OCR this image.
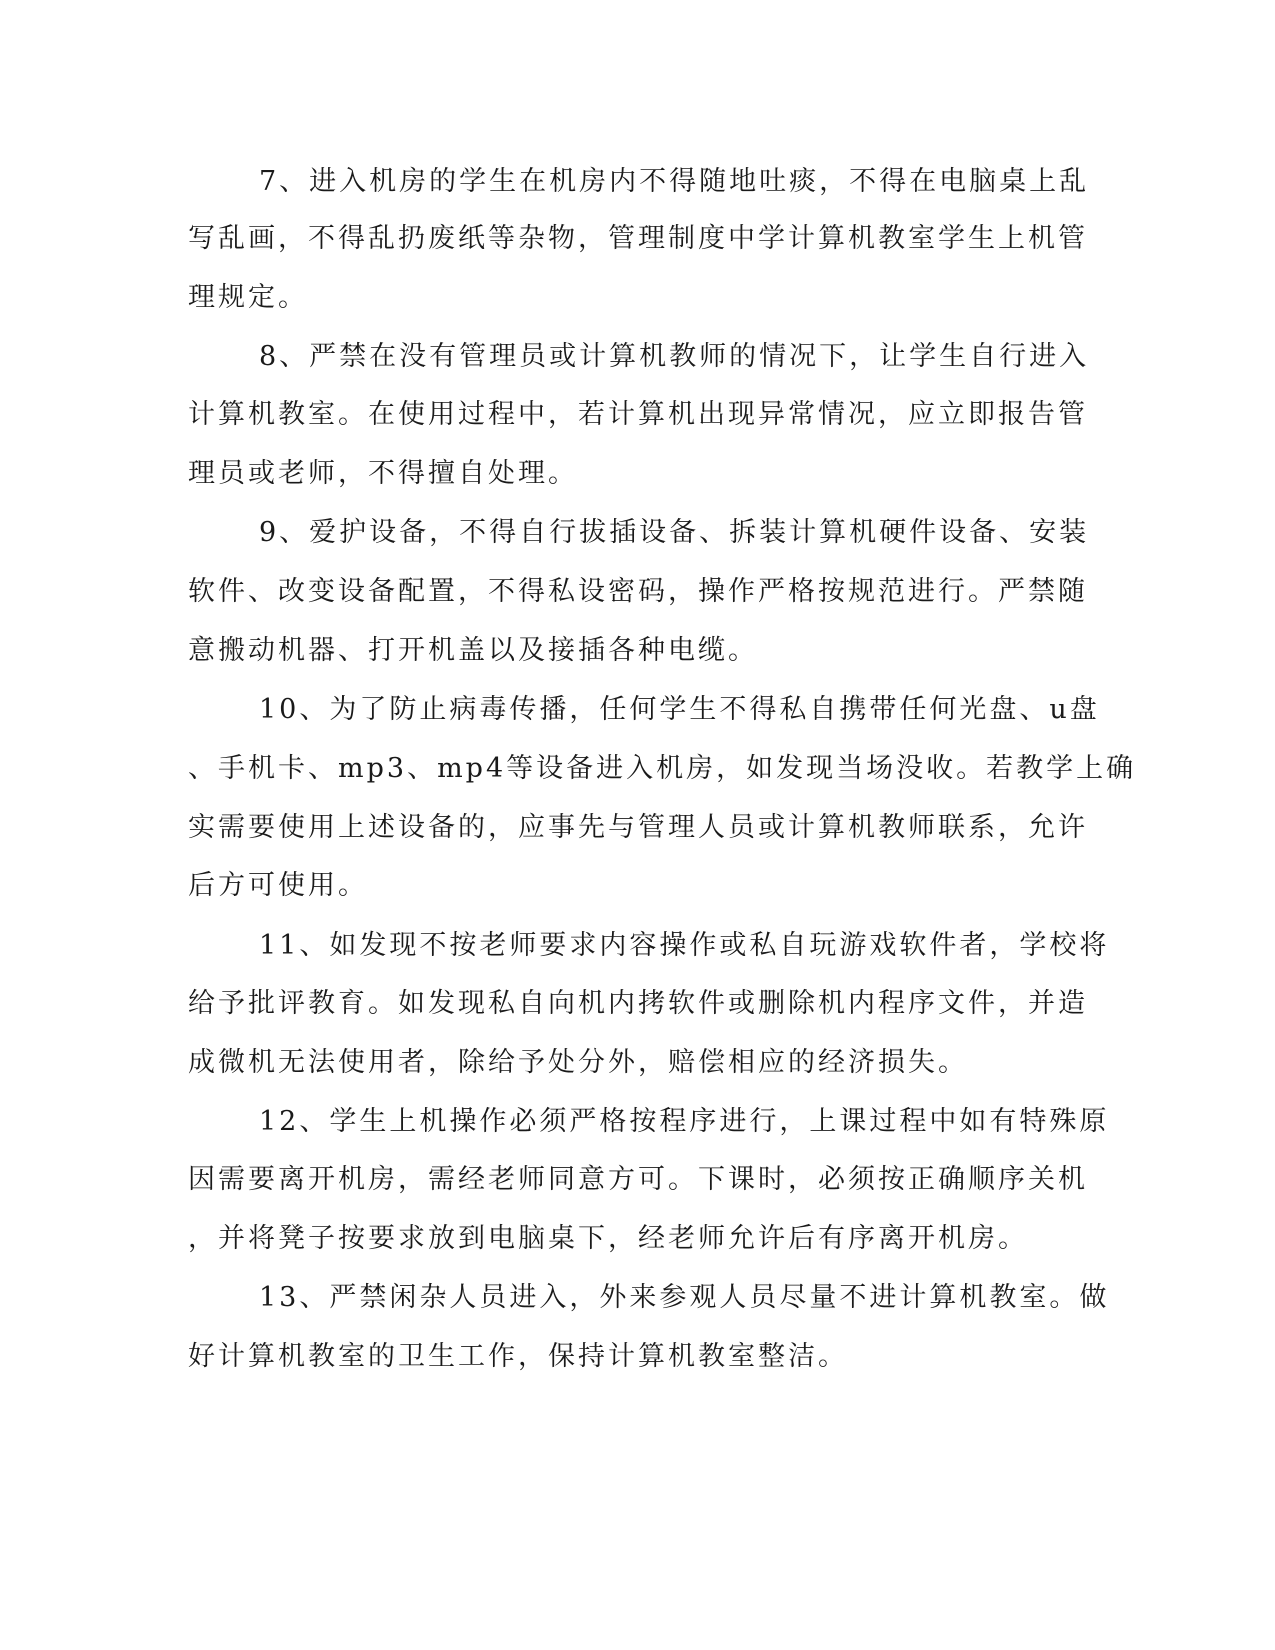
7、进入机房的学生在机房内不得随地吐痰，不得在电脑桌上乱
写乱画，不得乱扔废纸等杂物，管理制度中学计算机教室学生上机管
理规定。
8、严禁在没有管理员或计算机教师的情况下，让学生自行进入
计算机教室。在使用过程中，若计算机出现异常情况，应立即报告管
理员或老师，不得擅自处理。
9、爱护设备，不得自行拔插设备、拆装计算机硬件设备、安装
软件、改变设备配置，不得私设密码，操作严格按规范进行。严禁随
意搬动机器、打开机盖以及接插各种电缆。
10、为了防止病毒传播，任何学生不得私自携带任何光盘、u盘
、手机卡、mp3、mp4等设备进入机房，如发现当场没收。若教学上确
实需要使用上述设备的，应事先与管理人员或计算机教师联系，允许
后方可使用。
11、如发现不按老师要求内容操作或私自玩游戏软件者，学校将
给予批评教育。如发现私自向机内拷软件或删除机内程序文件，并造
成微机无法使用者，除给予处分外，赔偿相应的经济损失。
12、学生上机操作必须严格按程序进行，上课过程中如有特殊原
因需要离开机房，需经老师同意方可。下课时，必须按正确顺序关机
，并将凳子按要求放到电脑桌下，经老师允许后有序离开机房。
13、严禁闲杂人员进入，外来参观人员尽量不进计算机教室。做
好计算机教室的卫生工作，保持计算机教室整洁。
